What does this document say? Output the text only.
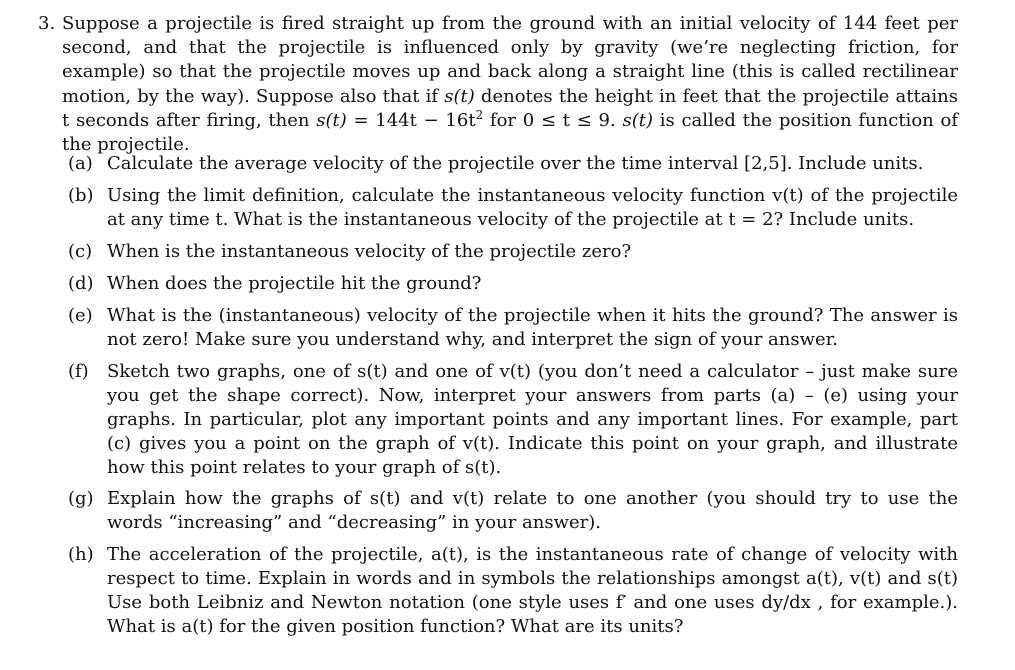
3. Suppose a projectile is fired straight up from the ground with an initial velocity of 144 feet per second, and that the projectile is influenced only by gravity (we’re neglecting friction, for example) so that the projectile moves up and back along a straight line (this is called rectilinear motion, by the way). Suppose also that if s(t) denotes the height in feet that the projectile attains t seconds after firing, then $s(t) = 144t - 16t^2$ for 0 ≤ t ≤ 9. s(t) is called the position function of the projectile.
(a) Calculate the average velocity of the projectile over the time interval [2,5]. Include units.
(b) Using the limit definition, calculate the instantaneous velocity function v(t) of the projectile at any time t. What is the instantaneous velocity of the projectile at t = 2? Include units.
(c) When is the instantaneous velocity of the projectile zero?
(d) When does the projectile hit the ground?
(e) What is the (instantaneous) velocity of the projectile when it hits the ground? The answer is not zero! Make sure you understand why, and interpret the sign of your answer.
(f) Sketch two graphs, one of s(t) and one of v(t) (you don’t need a calculator – just make sure you get the shape correct). Now, interpret your answers from parts (a) – (e) using your graphs. In particular, plot any important points and any important lines. For example, part (c) gives you a point on the graph of v(t). Indicate this point on your graph, and illustrate how this point relates to your graph of s(t).
(g) Explain how the graphs of s(t) and v(t) relate to one another (you should try to use the words “increasing” and “decreasing” in your answer).
(h) The acceleration of the projectile, a(t), is the instantaneous rate of change of velocity with respect to time. Explain in words and in symbols the relationships amongst a(t), v(t) and s(t) Use both Leibniz and Newton notation (one style uses f′ and one uses dy/dx , for example.). What is a(t) for the given position function? What are its units?
